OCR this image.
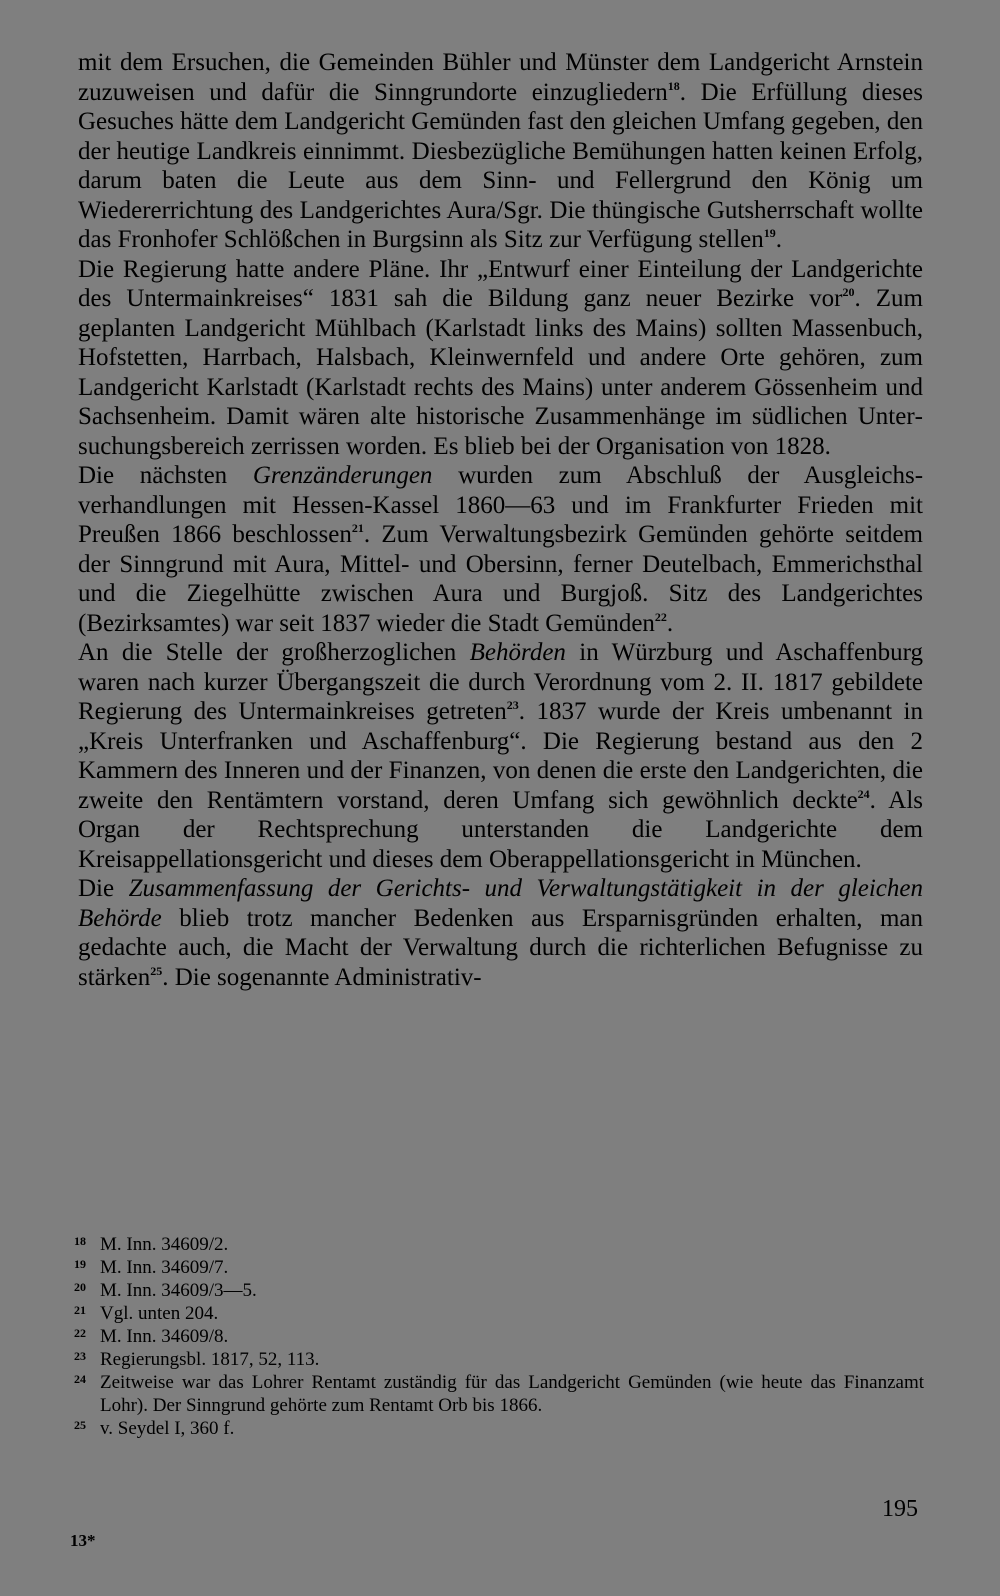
mit dem Ersuchen, die Gemeinden Bühler und Münster dem Landgericht Arnstein zuzuweisen und dafür die Sinngrundorte einzugliedern$^{18}$. Die Erfüllung dieses Gesuches hätte dem Landgericht Gemünden fast den gleichen Umfang gegeben, den der heutige Landkreis einnimmt. Diesbezügliche Bemühungen hatten keinen Erfolg, darum baten die Leute aus dem Sinn- und Fellergrund den König um Wiedererrichtung des Landgerichtes Aura/Sgr. Die thüngische Gutsherrschaft wollte das Fronhofer Schlößchen in Burgsinn als Sitz zur Verfügung stellen$^{19}$.

Die Regierung hatte andere Pläne. Ihr „Entwurf einer Einteilung der Landgerichte des Untermainkreises“ 1831 sah die Bildung ganz neuer Bezirke vor$^{20}$. Zum geplanten Landgericht Mühlbach (Karlstadt links des Mains) sollten Massenbuch, Hofstetten, Harrbach, Halsbach, Kleinwernfeld und andere Orte gehören, zum Landgericht Karlstadt (Karlstadt rechts des Mains) unter anderem Gössenheim und Sachsenheim. Damit wären alte historische Zusammenhänge im südlichen Untersuchungsbereich zerrissen worden. Es blieb bei der Organisation von 1828.

Die nächsten Grenzänderungen wurden zum Abschluß der Ausgleichsverhandlungen mit Hessen-Kassel 1860—63 und im Frankfurter Frieden mit Preußen 1866 beschlossen$^{21}$. Zum Verwaltungsbezirk Gemünden gehörte seitdem der Sinngrund mit Aura, Mittel- und Obersinn, ferner Deutelbach, Emmerichsthal und die Ziegelhütte zwischen Aura und Burgjoß. Sitz des Landgerichtes (Bezirksamtes) war seit 1837 wieder die Stadt Gemünden$^{22}$.

An die Stelle der großherzoglichen Behörden in Würzburg und Aschaffenburg waren nach kurzer Übergangszeit die durch Verordnung vom 2. II. 1817 gebildete Regierung des Untermainkreises getreten$^{23}$. 1837 wurde der Kreis umbenannt in „Kreis Unterfranken und Aschaffenburg“. Die Regierung bestand aus den 2 Kammern des Inneren und der Finanzen, von denen die erste den Landgerichten, die zweite den Rentämtern vorstand, deren Umfang sich gewöhnlich deckte$^{24}$. Als Organ der Rechtsprechung unterstanden die Landgerichte dem Kreisappellationsgericht und dieses dem Oberappellationsgericht in München.

Die Zusammenfassung der Gerichts- und Verwaltungstätigkeit in der gleichen Behörde blieb trotz mancher Bedenken aus Ersparnisgründen erhalten, man gedachte auch, die Macht der Verwaltung durch die richterlichen Befugnisse zu stärken$^{25}$. Die sogenannte Administrativ-

18 M. Inn. 34609/2.
19 M. Inn. 34609/7.
20 M. Inn. 34609/3—5.
21 Vgl. unten 204.
22 M. Inn. 34609/8.
23 Regierungsbl. 1817, 52, 113.
24 Zeitweise war das Lohrer Rentamt zuständig für das Landgericht Gemünden (wie heute das Finanzamt Lohr). Der Sinngrund gehörte zum Rentamt Orb bis 1866.
25 v. Seydel I, 360 f.
195
13*
